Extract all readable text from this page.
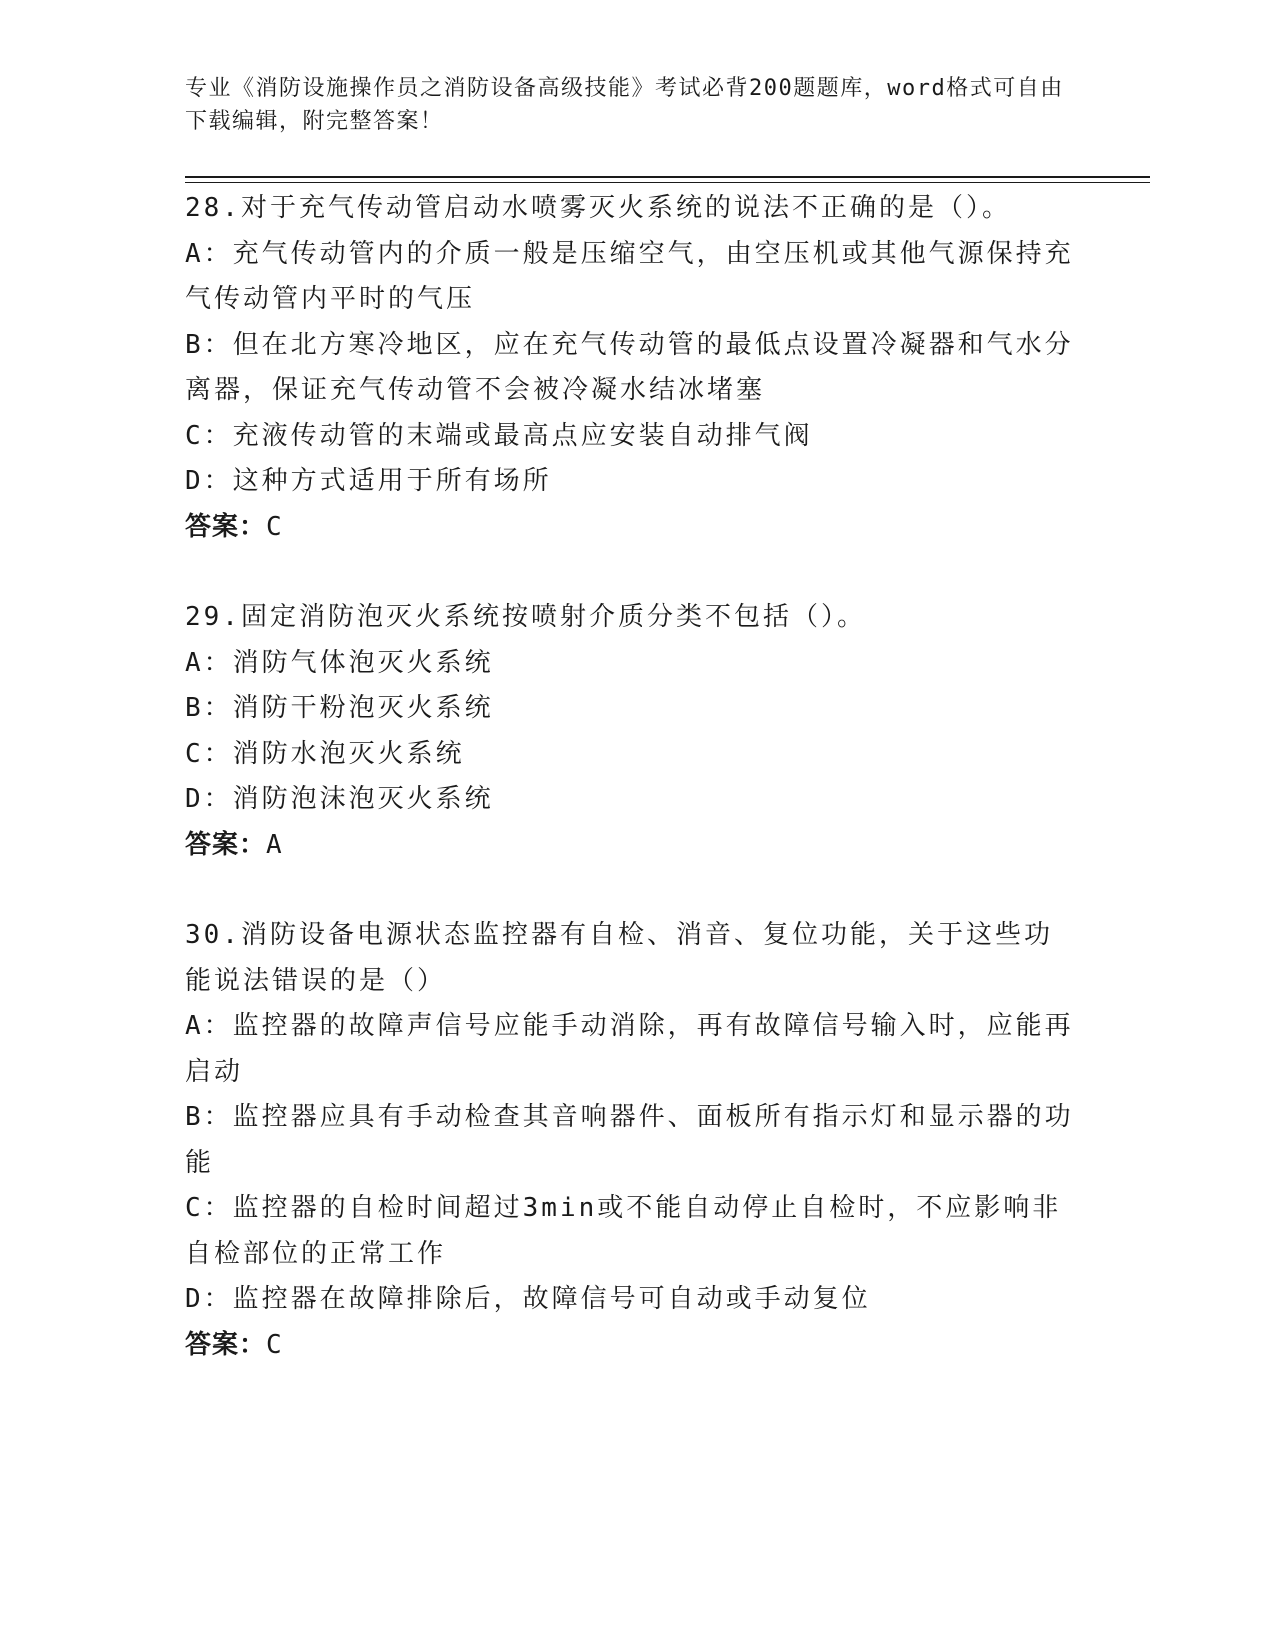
专业《消防设施操作员之消防设备高级技能》考试必背200题题库，word格式可自由下载编辑，附完整答案！
28.对于充气传动管启动水喷雾灭火系统的说法不正确的是（）。
A：充气传动管内的介质一般是压缩空气，由空压机或其他气源保持充气传动管内平时的气压
B：但在北方寒冷地区，应在充气传动管的最低点设置冷凝器和气水分离器，保证充气传动管不会被冷凝水结冰堵塞
C：充液传动管的末端或最高点应安装自动排气阀
D：这种方式适用于所有场所
答案：C
29.固定消防泡灭火系统按喷射介质分类不包括（）。
A：消防气体泡灭火系统
B：消防干粉泡灭火系统
C：消防水泡灭火系统
D：消防泡沫泡灭火系统
答案：A
30.消防设备电源状态监控器有自检、消音、复位功能，关于这些功能说法错误的是（）
A：监控器的故障声信号应能手动消除，再有故障信号输入时，应能再启动
B：监控器应具有手动检查其音响器件、面板所有指示灯和显示器的功能
C：监控器的自检时间超过3min或不能自动停止自检时，不应影响非自检部位的正常工作
D：监控器在故障排除后，故障信号可自动或手动复位
答案：C
